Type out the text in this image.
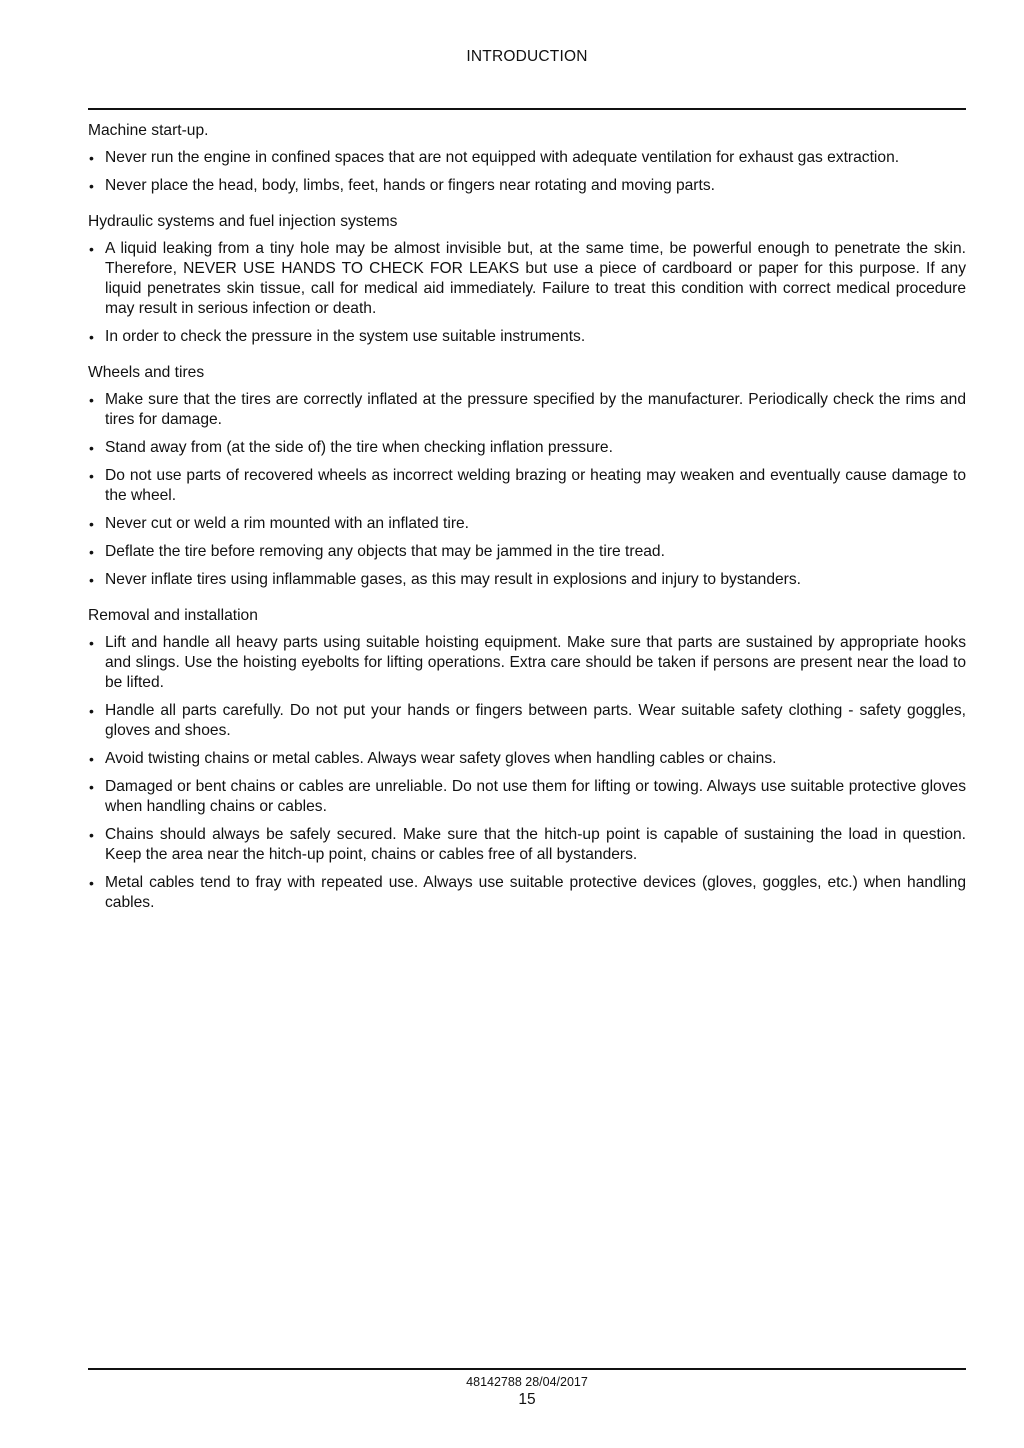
INTRODUCTION
Machine start-up.
• Never run the engine in confined spaces that are not equipped with adequate ventilation for exhaust gas extraction.
• Never place the head, body, limbs, feet, hands or fingers near rotating and moving parts.
Hydraulic systems and fuel injection systems
• A liquid leaking from a tiny hole may be almost invisible but, at the same time, be powerful enough to penetrate the skin. Therefore, NEVER USE HANDS TO CHECK FOR LEAKS but use a piece of cardboard or paper for this purpose. If any liquid penetrates skin tissue, call for medical aid immediately. Failure to treat this condition with correct medical procedure may result in serious infection or death.
• In order to check the pressure in the system use suitable instruments.
Wheels and tires
• Make sure that the tires are correctly inflated at the pressure specified by the manufacturer. Periodically check the rims and tires for damage.
• Stand away from (at the side of) the tire when checking inflation pressure.
• Do not use parts of recovered wheels as incorrect welding brazing or heating may weaken and eventually cause damage to the wheel.
• Never cut or weld a rim mounted with an inflated tire.
• Deflate the tire before removing any objects that may be jammed in the tire tread.
• Never inflate tires using inflammable gases, as this may result in explosions and injury to bystanders.
Removal and installation
• Lift and handle all heavy parts using suitable hoisting equipment. Make sure that parts are sustained by appropriate hooks and slings. Use the hoisting eyebolts for lifting operations. Extra care should be taken if persons are present near the load to be lifted.
• Handle all parts carefully. Do not put your hands or fingers between parts. Wear suitable safety clothing - safety goggles, gloves and shoes.
• Avoid twisting chains or metal cables. Always wear safety gloves when handling cables or chains.
• Damaged or bent chains or cables are unreliable. Do not use them for lifting or towing. Always use suitable protective gloves when handling chains or cables.
• Chains should always be safely secured. Make sure that the hitch-up point is capable of sustaining the load in question. Keep the area near the hitch-up point, chains or cables free of all bystanders.
• Metal cables tend to fray with repeated use. Always use suitable protective devices (gloves, goggles, etc.) when handling cables.
48142788 28/04/2017
15
